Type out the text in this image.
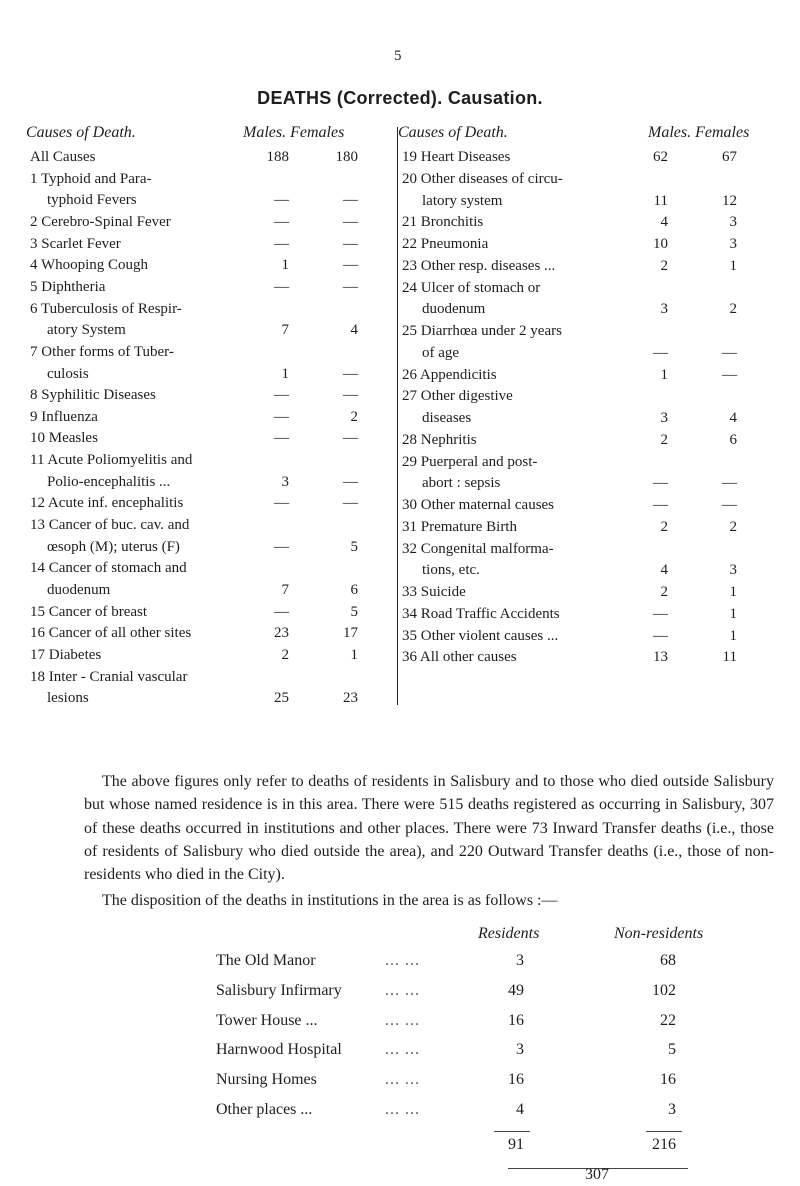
5
DEATHS (Corrected). Causation.
Causes of Death.	Males. Females	Causes of Death.	Males. Females
All Causes	188	180
1 Typhoid and Para-
typhoid Fevers	—	—
2 Cerebro-Spinal Fever	—	—
3 Scarlet Fever	—	—
4 Whooping Cough	1	—
5 Diphtheria	—	—
6 Tuberculosis of Respir-
atory System	7	4
7 Other forms of Tuber-
culosis	1	—
8 Syphilitic Diseases	—	—
9 Influenza	—	2
10 Measles	—	—
11 Acute Poliomyelitis and
Polio-encephalitis ...	3	—
12 Acute inf. encephalitis	—	—
13 Cancer of buc. cav. and
œsoph (M); uterus (F)	—	5
14 Cancer of stomach and
duodenum	7	6
15 Cancer of breast	—	5
16 Cancer of all other sites	23	17
17 Diabetes	2	1
18 Inter - Cranial vascular
lesions	25	23
19 Heart Diseases	62	67
20 Other diseases of circu-
latory system	11	12
21 Bronchitis	4	3
22 Pneumonia	10	3
23 Other resp. diseases ...	2	1
24 Ulcer of stomach or
duodenum	3	2
25 Diarrhœa under 2 years
of age	—	—
26 Appendicitis	1	—
27 Other digestive
diseases	3	4
28 Nephritis	2	6
29 Puerperal and post-
abort : sepsis	—	—
30 Other maternal causes	—	—
31 Premature Birth	2	2
32 Congenital malforma-
tions, etc.	4	3
33 Suicide	2	1
34 Road Traffic Accidents	—	1
35 Other violent causes ...	—	1
36 All other causes	13	11
The above figures only refer to deaths of residents in Salisbury and to those who died outside Salisbury but whose named residence is in this area. There were 515 deaths registered as occurring in Salisbury, 307 of these deaths occurred in institutions and other places. There were 73 Inward Transfer deaths (i.e., those of residents of Salisbury who died outside the area), and 220 Outward Transfer deaths (i.e., those of non-residents who died in the City).
The disposition of the deaths in institutions in the area is as follows :—
Residents	Non-residents
The Old Manor	... ...	3	68
Salisbury Infirmary	... ...	49	102
Tower House ...	... ...	16	22
Harnwood Hospital	... ...	3	5
Nursing Homes	... ...	16	16
Other places ...	... ...	4	3
91	216
307
